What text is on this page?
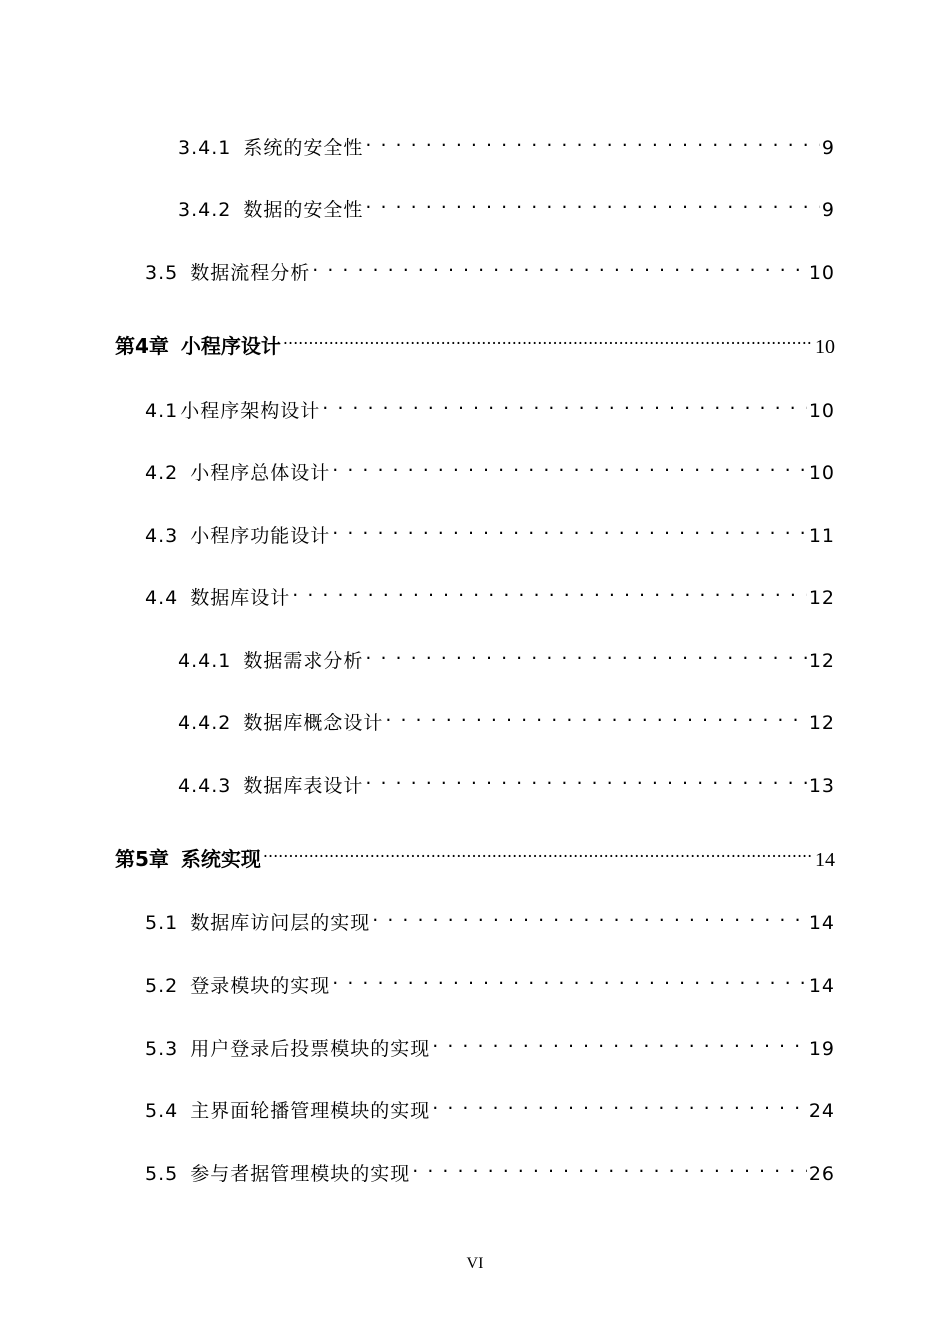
3.4.1 系统的安全性 . . .	9
3.4.2 数据的安全性 . . .	9
3.5 数据流程分析 . . .	10
第4章 小程序设计 .....	10
4.1 小程序架构设计 . . .	10
4.2 小程序总体设计 . . .	10
4.3 小程序功能设计 . . .	11
4.4 数据库设计 . . .	12
4.4.1 数据需求分析 . . .	12
4.4.2 数据库概念设计 . . .	12
4.4.3 数据库表设计 . . .	13
第5章 系统实现 .....	14
5.1 数据库访问层的实现 . . .	14
5.2 登录模块的实现 . . .	14
5.3 用户登录后投票模块的实现 . . .	19
5.4 主界面轮播管理模块的实现 . . .	24
5.5 参与者据管理模块的实现 . . .	26
VI
